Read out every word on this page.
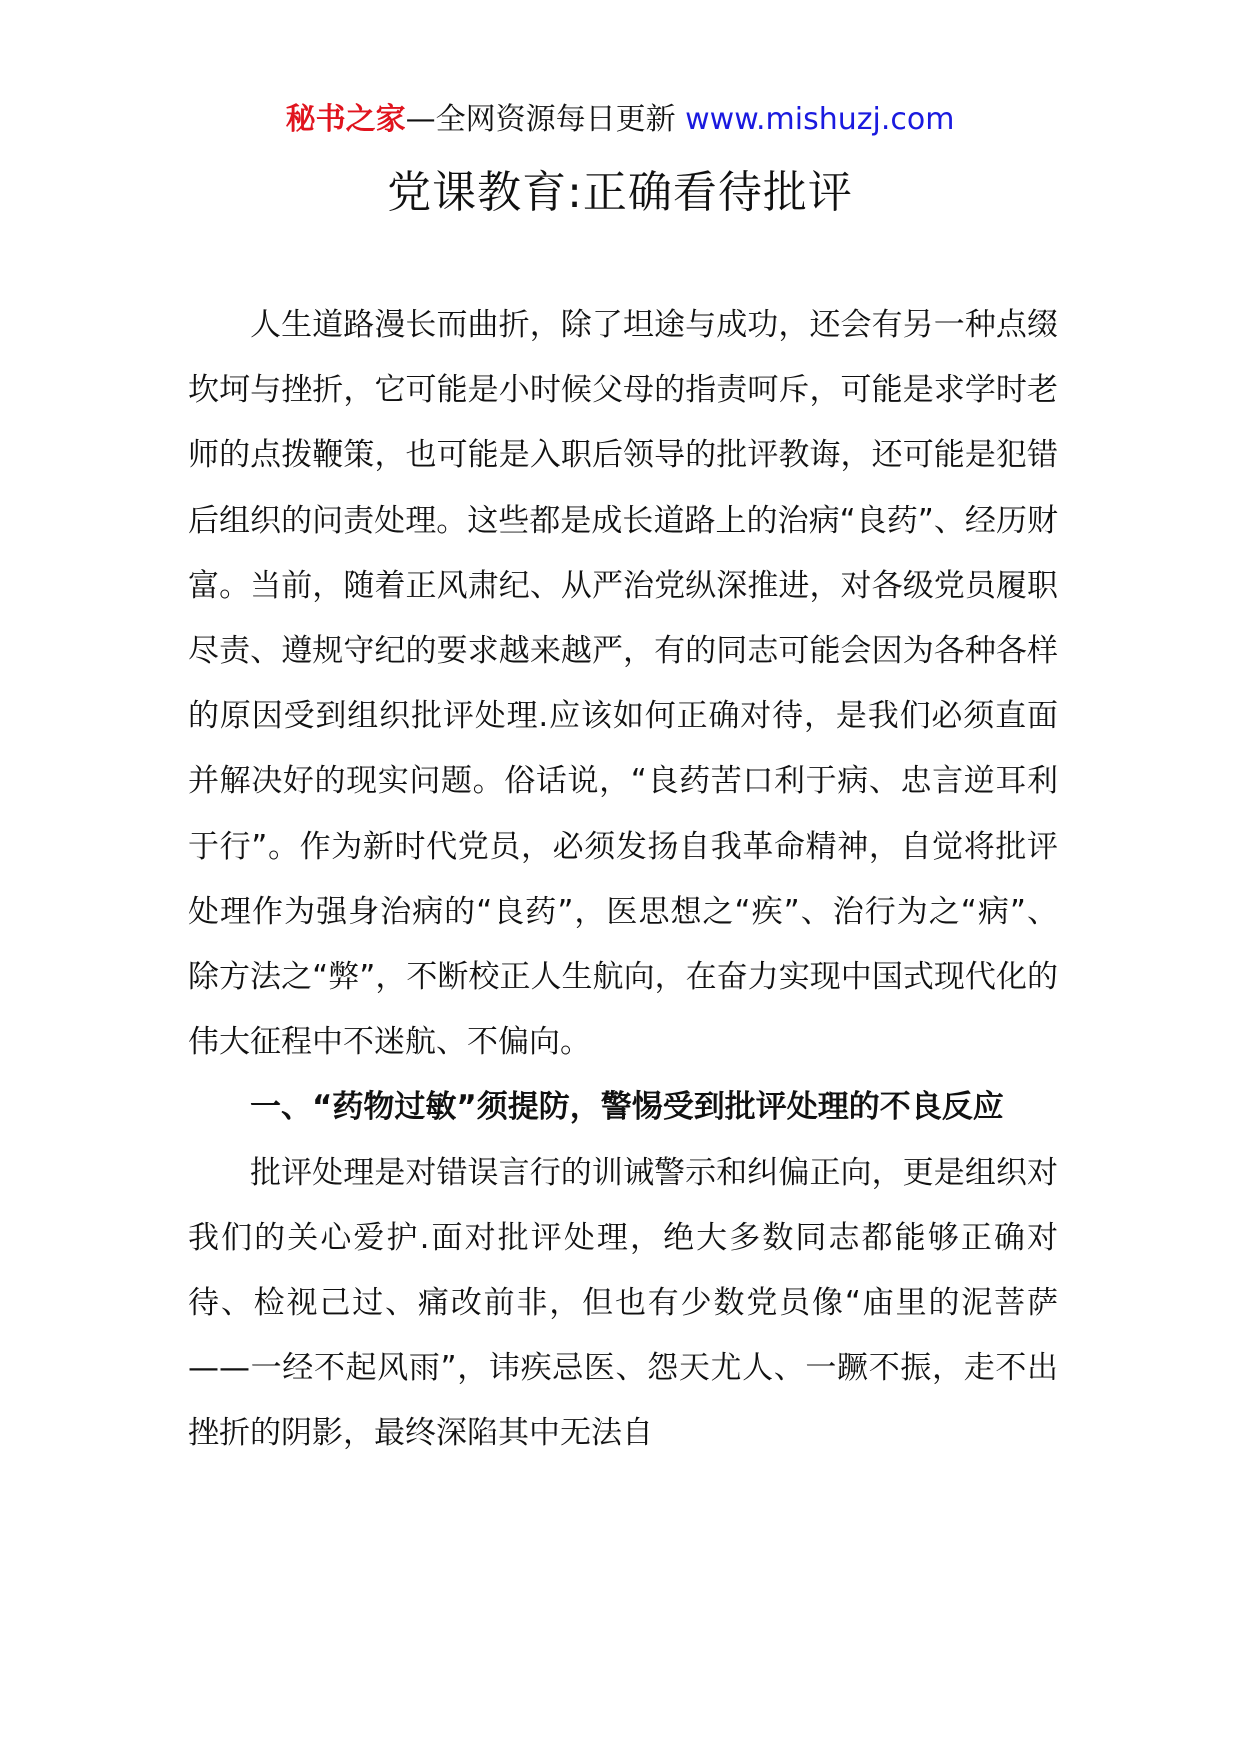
秘书之家—全网资源每日更新 www.mishuzj.com
党课教育:正确看待批评

人生道路漫长而曲折，除了坦途与成功，还会有另一种点缀坎坷与挫折，它可能是小时候父母的指责呵斥，可能是求学时老师的点拨鞭策，也可能是入职后领导的批评教诲，还可能是犯错后组织的问责处理。这些都是成长道路上的治病“良药”、经历财富。当前，随着正风肃纪、从严治党纵深推进，对各级党员履职尽责、遵规守纪的要求越来越严，有的同志可能会因为各种各样的原因受到组织批评处理.应该如何正确对待，是我们必须直面并解决好的现实问题。俗话说，“良药苦口利于病、忠言逆耳利于行”。作为新时代党员，必须发扬自我革命精神，自觉将批评处理作为强身治病的“良药”，医思想之“疾”、治行为之“病”、除方法之“弊”，不断校正人生航向，在奋力实现中国式现代化的伟大征程中不迷航、不偏向。

一、“药物过敏”须提防，警惕受到批评处理的不良反应

批评处理是对错误言行的训诫警示和纠偏正向，更是组织对我们的关心爱护.面对批评处理，绝大多数同志都能够正确对待、检视己过、痛改前非，但也有少数党员像“庙里的泥菩萨——一经不起风雨”，讳疾忌医、怨天尤人、一蹶不振，走不出挫折的阴影，最终深陷其中无法自
